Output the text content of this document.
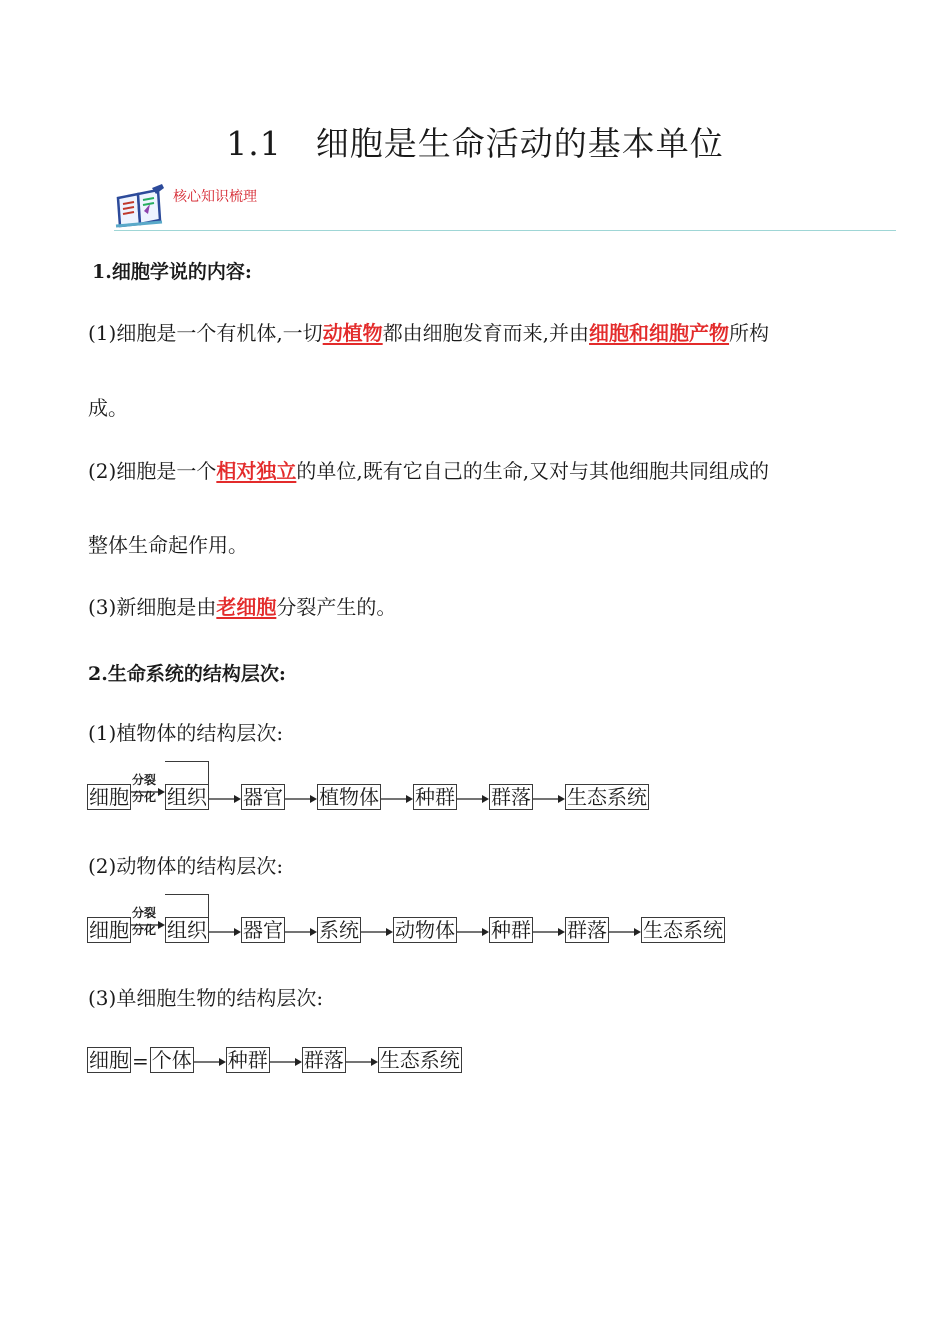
1.1 细胞是生命活动的基本单位
核心知识梳理
1.细胞学说的内容:
(1)细胞是一个有机体,一切动植物都由细胞发育而来,并由细胞和细胞产物所构
成。
(2)细胞是一个相对独立的单位,既有它自己的生命,又对与其他细胞共同组成的
整体生命起作用。
(3)新细胞是由老细胞分裂产生的。
2.生命系统的结构层次:
(1)植物体的结构层次:
细胞
分裂
分化 组织 器官 植物体 种群 群落 生态系统
(2)动物体的结构层次:
细胞
分裂
分化 组织 器官 系统 动物体 种群 群落 生态系统
(3)单细胞生物的结构层次:
细胞 = 个体 种群 群落 生态系统
